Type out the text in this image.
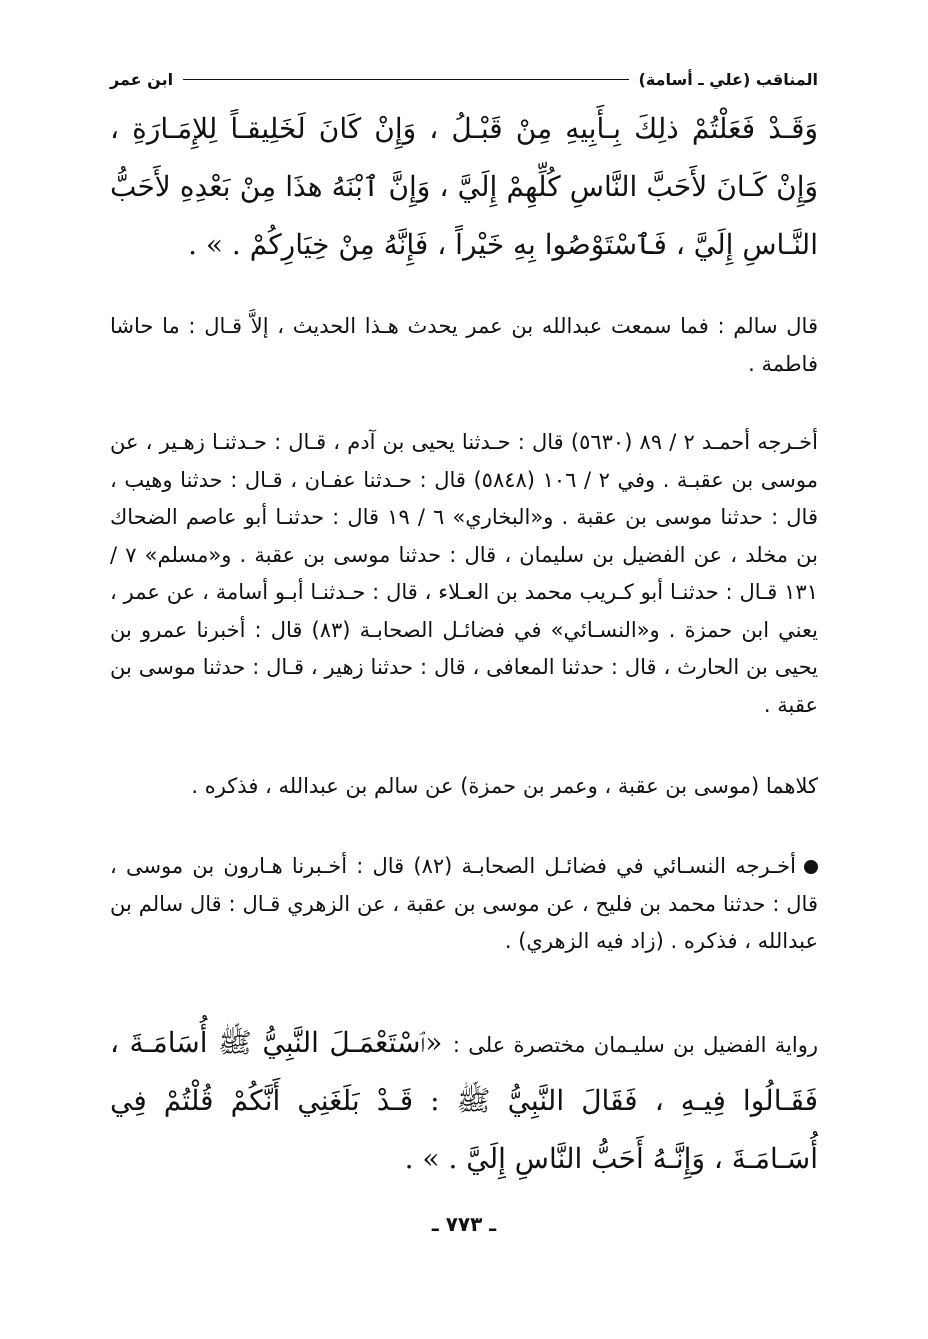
المناقب (علي ـ أسامة)
ابن عمر

وَقَـدْ فَعَلْتُمْ ذلِكَ بِـأَبِيهِ مِنْ قَبْـلُ ، وَإِنْ كَانَ لَخَلِيقـاً لِلإِمَـارَةِ ، وَإِنْ كَـانَ لأَحَبَّ النَّاسِ كُلِّهِمْ إِلَيَّ ، وَإِنَّ ٱبْنَهُ هذَا مِنْ بَعْدِهِ لأَحَبُّ النَّـاسِ إِلَيَّ ، فَٱسْتَوْصُوا بِهِ خَيْراً ، فَإِنَّهُ مِنْ خِيَارِكُمْ . » .

قال سالم : فما سمعت عبدالله بن عمر يحدث هـذا الحديث ، إلاَّ قـال : ما حاشا فاطمة .

أخـرجه أحمـد ٢ / ٨٩ (٥٦٣٠) قال : حـدثنا يحيى بن آدم ، قـال : حـدثنـا زهـير ، عن موسى بن عقبـة . وفي ٢ / ١٠٦ (٥٨٤٨) قال : حـدثنا عفـان ، قـال : حدثنا وهيب ، قال : حدثنا موسى بن عقبة . و«البخاري» ٦ / ١٩ قال : حدثنـا أبو عاصم الضحاك بن مخلد ، عن الفضيل بن سليمان ، قال : حدثنا موسى بن عقبة . و«مسلم» ٧ / ١٣١ قـال : حدثنـا أبو كـريب محمد بن العـلاء ، قال : حـدثنـا أبـو أسامة ، عن عمر ، يعني ابن حمزة . و«النسـائي» في فضائـل الصحابـة (٨٣) قال : أخبرنا عمرو بن يحيى بن الحارث ، قال : حدثنا المعافى ، قال : حدثنا زهير ، قـال : حدثنا موسى بن عقبة .

كلاهما (موسى بن عقبة ، وعمر بن حمزة) عن سالم بن عبدالله ، فذكره .

أخـرجه النسـائي في فضائـل الصحابـة (٨٢) قال : أخـبرنا هـارون بن موسى ، قال : حدثنا محمد بن فليح ، عن موسى بن عقبة ، عن الزهري قـال : قال سالم بن عبدالله ، فذكره . (زاد فيه الزهري) .

رواية الفضيل بن سليـمان مختصرة على : «ٱسْتَعْمَـلَ النَّبِيُّ ﷺ أُسَامَـةَ ، فَقَـالُوا فِيـهِ ، فَقَالَ النَّبِيُّ ﷺ : قَـدْ بَلَغَنِي أَنَّكُمْ قُلْتُمْ فِي أُسَـامَـةَ ، وَإِنَّـهُ أَحَبُّ النَّاسِ إِلَيَّ . » .

ـ ٧٧٣ ـ
